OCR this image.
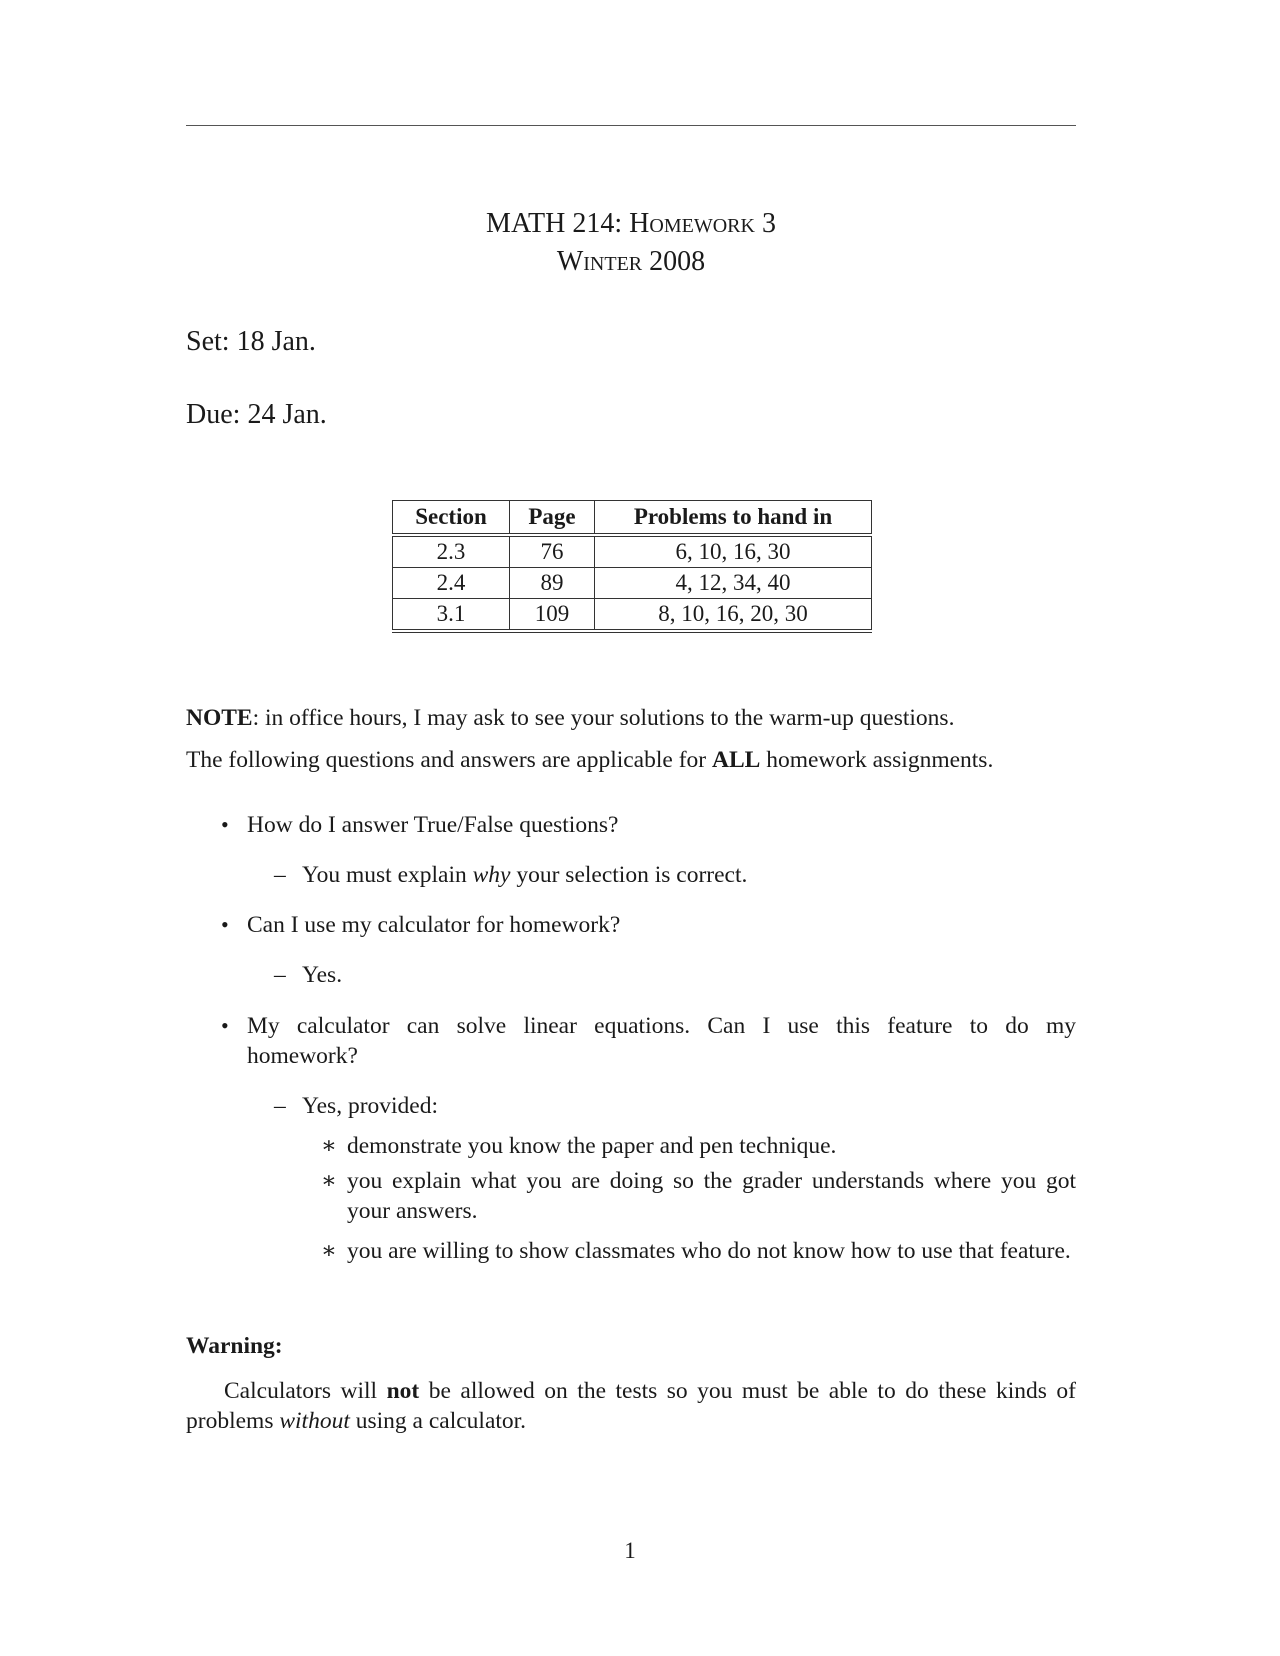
MATH 214: Homework 3
Winter 2008
Set: 18 Jan.
Due: 24 Jan.
Section	Page	Problems to hand in
2.3	76	6, 10, 16, 30
2.4	89	4, 12, 34, 40
3.1	109	8, 10, 16, 20, 30
NOTE: in office hours, I may ask to see your solutions to the warm-up questions.
The following questions and answers are applicable for ALL homework assignments.
• How do I answer True/False questions?
– You must explain why your selection is correct.
• Can I use my calculator for homework?
– Yes.
• My calculator can solve linear equations. Can I use this feature to do my
homework?
– Yes, provided:
∗ demonstrate you know the paper and pen technique.
∗ you explain what you are doing so the grader understands where you got your answers.
∗ you are willing to show classmates who do not know how to use that feature.
Warning:
Calculators will not be allowed on the tests so you must be able to do these kinds of problems without using a calculator.
1
